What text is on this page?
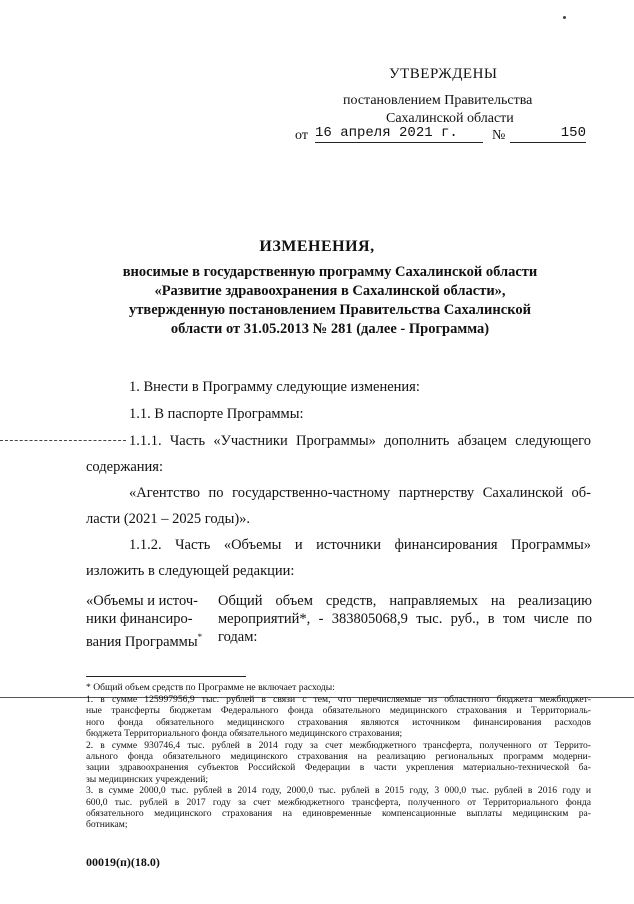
УТВЕРЖДЕНЫ
постановлением Правительства
Сахалинской области
от 16 апреля 2021 г.	№	150
ИЗМЕНЕНИЯ,
вносимые в государственную программу Сахалинской области
«Развитие здравоохранения в Сахалинской области»,
утвержденную постановлением Правительства Сахалинской
области от 31.05.2013 № 281 (далее - Программа)
1. Внести в Программу следующие изменения:
1.1. В паспорте Программы:
1.1.1. Часть «Участники Программы» дополнить абзацем следующего
содержания:
«Агентство по государственно-частному партнерству Сахалинской об-
ласти (2021 – 2025 годы)».
1.1.2. Часть «Объемы и источники финансирования Программы»
изложить в следующей редакции:
«Объемы и источ-
ники финансиро-
вания Программы*
Общий объем средств, направляемых на реализацию
мероприятий*, - 383805068,9 тыс. руб., в том числе по
годам:
* Общий объем средств по Программе не включает расходы:
1. в сумме 125997956,9 тыс. рублей в связи с тем, что перечисляемые из областного бюджета межбюджет-
ные трансферты бюджетам Федерального фонда обязательного медицинского страхования и Территориаль-
ного фонда обязательного медицинского страхования являются источником финансирования расходов
бюджета Территориального фонда обязательного медицинского страхования;
2. в сумме 930746,4 тыс. рублей в 2014 году за счет межбюджетного трансферта, полученного от Террито-
ального фонда обязательного медицинского страхования на реализацию региональных программ модерни-
зации здравоохранения субъектов Российской Федерации в части укрепления материально-технической ба-
зы медицинских учреждений;
3. в сумме 2000,0 тыс. рублей в 2014 году, 2000,0 тыс. рублей в 2015 году, 3 000,0 тыс. рублей в 2016 году и
600,0 тыс. рублей в 2017 году за счет межбюджетного трансферта, полученного от Территориального фонда
обязательного медицинского страхования на единовременные компенсационные выплаты медицинским ра-
ботникам;
00019(п)(18.0)
